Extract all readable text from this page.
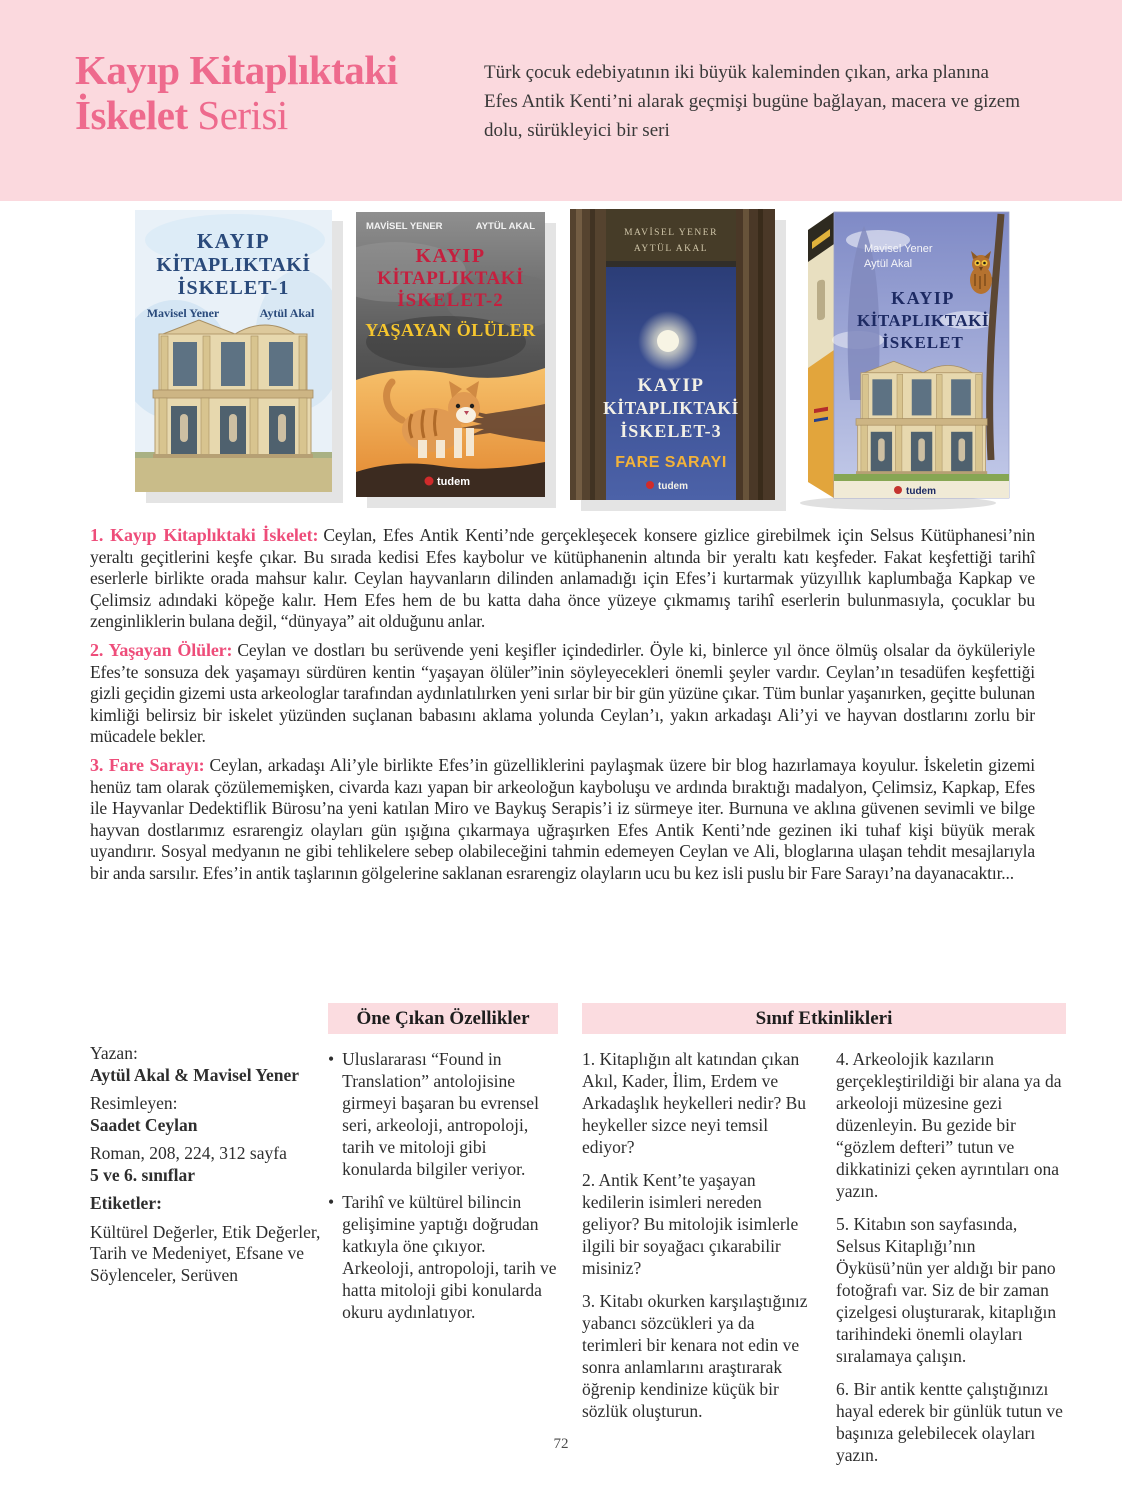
Kayıp Kitaplıktaki
İskelet Serisi
Türk çocuk edebiyatının iki büyük kaleminden çıkan, arka planına
Efes Antik Kenti’ni alarak geçmişi bugüne bağlayan, macera ve gizem
dolu, sürükleyici bir seri
KAYIP
KİTAPLIKTAKİ
İSKELET-1
Mavisel Yener	Aytül Akal
MAVİSEL YENER	AYTÜL AKAL
KAYIP
KİTAPLIKTAKİ
İSKELET-2
YAŞAYAN ÖLÜLER
tudem
MAVİSEL YENER
AYTÜL AKAL
KAYIP
KİTAPLIKTAKİ
İSKELET-3
FARE SARAYI
tudem
Mavisel Yener
Aytül Akal
KAYIP
KİTAPLIKTAKİ
İSKELET
tudem

1. Kayıp Kitaplıktaki İskelet: Ceylan, Efes Antik Kenti’nde gerçekleşecek konsere gizlice girebilmek için Selsus Kütüphanesi’nin yeraltı geçitlerini keşfe çıkar. Bu sırada kedisi Efes kaybolur ve kütüphanenin altında bir yeraltı katı keşfeder. Fakat keşfettiği tarihî eserlerle birlikte orada mahsur kalır. Ceylan hayvanların dilinden anlamadığı için Efes’i kurtarmak yüzyıllık kaplumbağa Kapkap ve Çelimsiz adındaki köpeğe kalır. Hem Efes hem de bu katta daha önce yüzeye çıkmamış tarihî eserlerin bulunmasıyla, çocuklar bu zenginliklerin bulana değil, “dünyaya” ait olduğunu anlar.

2. Yaşayan Ölüler: Ceylan ve dostları bu serüvende yeni keşifler içindedirler. Öyle ki, binlerce yıl önce ölmüş olsalar da öyküleriyle Efes’te sonsuza dek yaşamayı sürdüren kentin “yaşayan ölüler”inin söyleyecekleri önemli şeyler vardır. Ceylan’ın tesadüfen keşfettiği gizli geçidin gizemi usta arkeologlar tarafından aydınlatılırken yeni sırlar bir bir gün yüzüne çıkar. Tüm bunlar yaşanırken, geçitte bulunan kimliği belirsiz bir iskelet yüzünden suçlanan babasını aklama yolunda Ceylan’ı, yakın arkadaşı Ali’yi ve hayvan dostlarını zorlu bir mücadele bekler.

3. Fare Sarayı: Ceylan, arkadaşı Ali’yle birlikte Efes’in güzelliklerini paylaşmak üzere bir blog hazırlamaya koyulur. İskeletin gizemi henüz tam olarak çözülememişken, civarda kazı yapan bir arkeoloğun kayboluşu ve ardında bıraktığı madalyon, Çelimsiz, Kapkap, Efes ile Hayvanlar Dedektiflik Bürosu’na yeni katılan Miro ve Baykuş Serapis’i iz sürmeye iter. Burnuna ve aklına güvenen sevimli ve bilge hayvan dostlarımız esrarengiz olayları gün ışığına çıkarmaya uğraşırken Efes Antik Kenti’nde gezinen iki tuhaf kişi büyük merak uyandırır. Sosyal medyanın ne gibi tehlikelere sebep olabileceğini tahmin edemeyen Ceylan ve Ali, bloglarına ulaşan tehdit mesajlarıyla bir anda sarsılır. Efes’in antik taşlarının gölgelerine saklanan esrarengiz olayların ucu bu kez isli puslu bir Fare Sarayı’na dayanacaktır...

Yazan:
Aytül Akal & Mavisel Yener
Resimleyen:
Saadet Ceylan
Roman, 208, 224, 312 sayfa
5 ve 6. sınıflar
Etiketler:
Kültürel Değerler, Etik Değerler, Tarih ve Medeniyet, Efsane ve Söylenceler, Serüven
Öne Çıkan Özellikler
• Uluslararası “Found in Translation” antolojisine girmeyi başaran bu evrensel seri, arkeoloji, antropoloji, tarih ve mitoloji gibi konularda bilgiler veriyor.
• Tarihî ve kültürel bilincin gelişimine yaptığı doğrudan katkıyla öne çıkıyor. Arkeoloji, antropoloji, tarih ve hatta mitoloji gibi konularda okuru aydınlatıyor.
Sınıf Etkinlikleri
1. Kitaplığın alt katından çıkan Akıl, Kader, İlim, Erdem ve Arkadaşlık heykelleri nedir? Bu heykeller sizce neyi temsil ediyor?
2. Antik Kent’te yaşayan kedilerin isimleri nereden geliyor? Bu mitolojik isimlerle ilgili bir soyağacı çıkarabilir misiniz?
3. Kitabı okurken karşılaştığınız yabancı sözcükleri ya da terimleri bir kenara not edin ve sonra anlamlarını araştırarak öğrenip kendinize küçük bir sözlük oluşturun.
4. Arkeolojik kazıların gerçekleştirildiği bir alana ya da arkeoloji müzesine gezi düzenleyin. Bu gezide bir “gözlem defteri” tutun ve dikkatinizi çeken ayrıntıları ona yazın.
5. Kitabın son sayfasında, Selsus Kitaplığı’nın Öyküsü’nün yer aldığı bir pano fotoğrafı var. Siz de bir zaman çizelgesi oluşturarak, kitaplığın tarihindeki önemli olayları sıralamaya çalışın.
6. Bir antik kentte çalıştığınızı hayal ederek bir günlük tutun ve başınıza gelebilecek olayları yazın.
72
